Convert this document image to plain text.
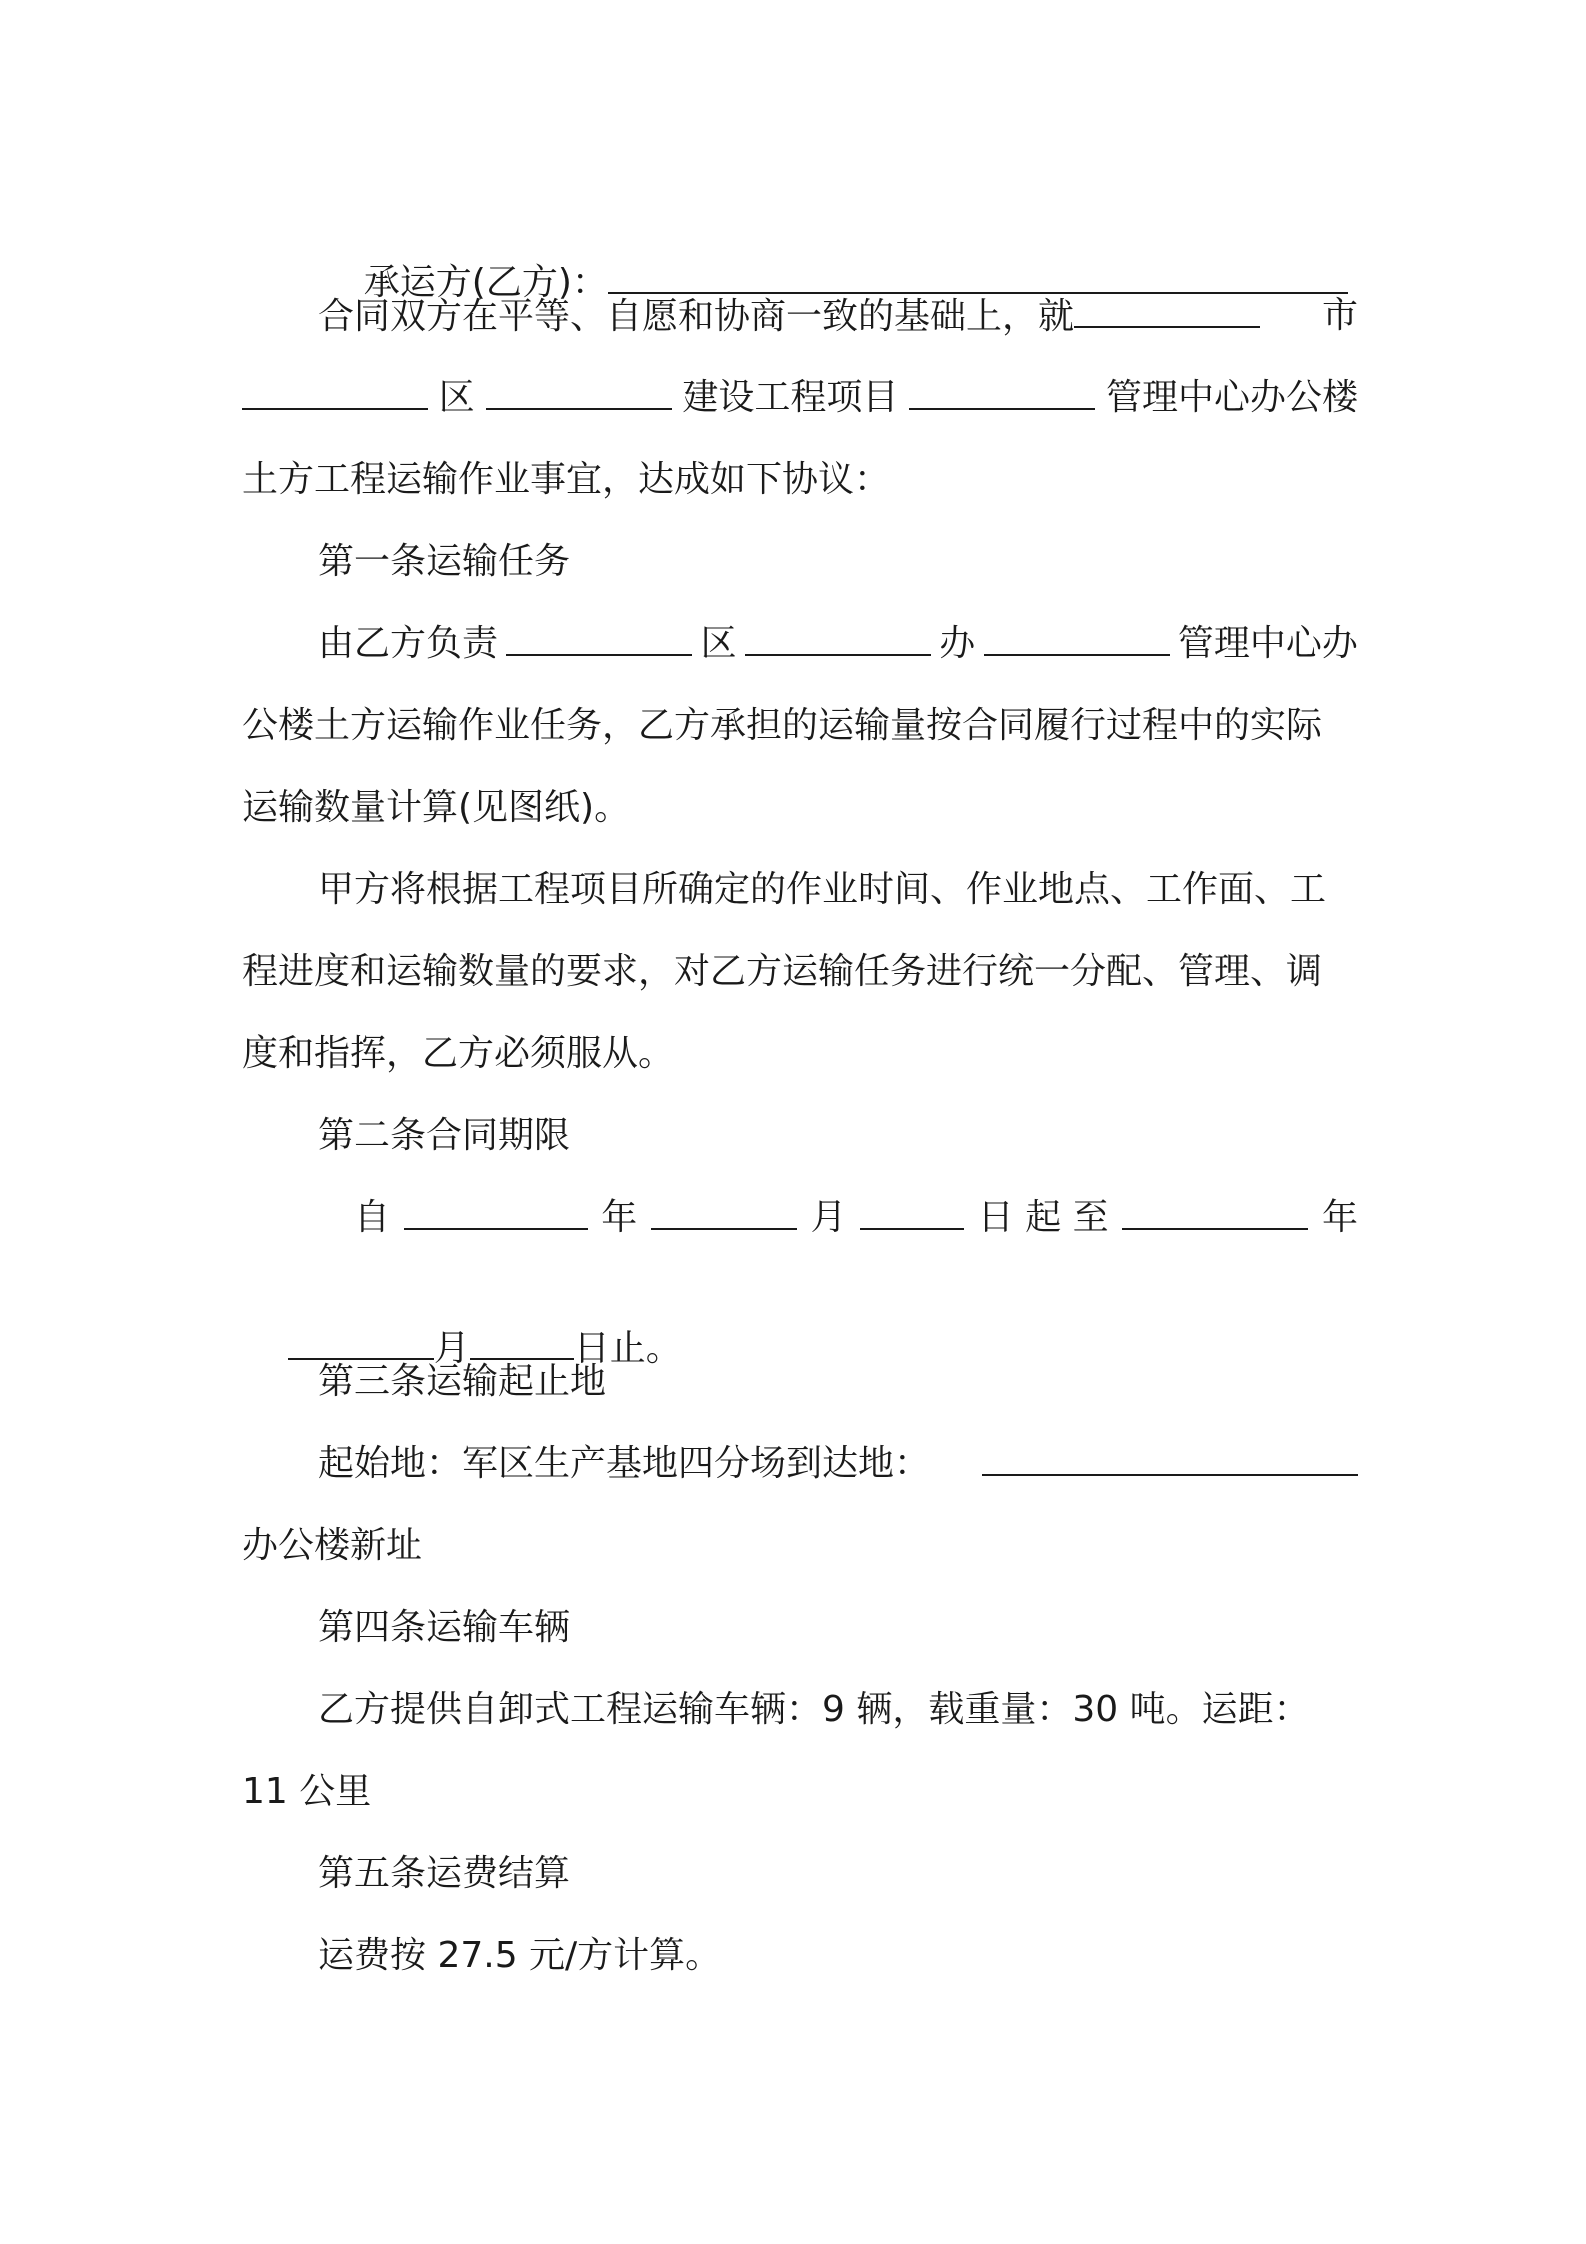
承运方(乙方)：

合同双方在平等、自愿和协商一致的基础上，就	市
区	建设工程项目	管理中心办公楼
土方工程运输作业事宜，达成如下协议：
第一条运输任务
由乙方负责	区	办	管理中心办
公楼土方运输作业任务，乙方承担的运输量按合同履行过程中的实际
运输数量计算(见图纸)。
甲方将根据工程项目所确定的作业时间、作业地点、工作面、工
程进度和运输数量的要求，对乙方运输任务进行统一分配、管理、调
度和指挥，乙方必须服从。
第二条合同期限
自	年	月	日 起 至	年

月	日止。

第三条运输起止地
起始地：军区生产基地四分场到达地：
办公楼新址
第四条运输车辆
乙方提供自卸式工程运输车辆：9 辆，载重量：30 吨。运距：
11 公里
第五条运费结算
运费按 27.5 元/方计算。
